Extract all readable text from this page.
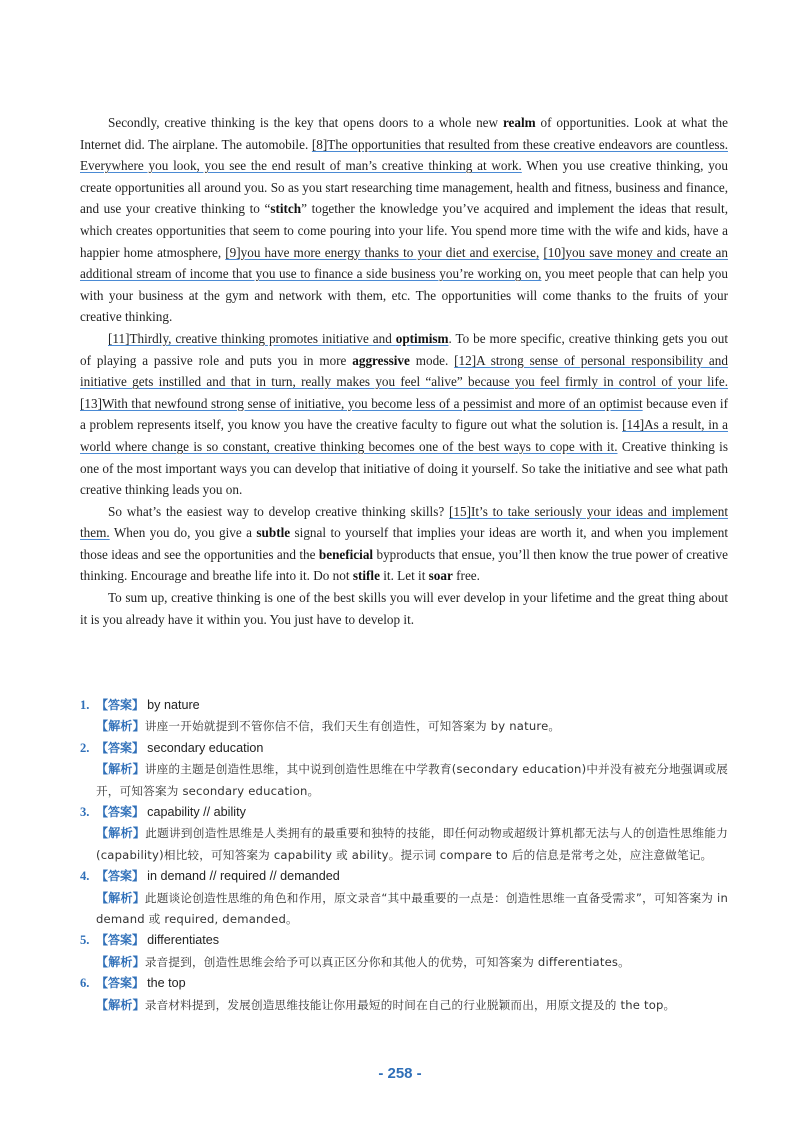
Secondly, creative thinking is the key that opens doors to a whole new realm of opportunities. Look at what the Internet did. The airplane. The automobile. [8]The opportunities that resulted from these creative endeavors are countless. Everywhere you look, you see the end result of man’s creative thinking at work. When you use creative thinking, you create opportunities all around you. So as you start researching time management, health and fitness, business and finance, and use your creative thinking to “stitch” together the knowledge you’ve acquired and implement the ideas that result, which creates opportunities that seem to come pouring into your life. You spend more time with the wife and kids, have a happier home atmosphere, [9]you have more energy thanks to your diet and exercise, [10]you save money and create an additional stream of income that you use to finance a side business you’re working on, you meet people that can help you with your business at the gym and network with them, etc. The opportunities will come thanks to the fruits of your creative thinking.

[11]Thirdly, creative thinking promotes initiative and optimism. To be more specific, creative thinking gets you out of playing a passive role and puts you in more aggressive mode. [12]A strong sense of personal responsibility and initiative gets instilled and that in turn, really makes you feel “alive” because you feel firmly in control of your life. [13]With that newfound strong sense of initiative, you become less of a pessimist and more of an optimist because even if a problem represents itself, you know you have the creative faculty to figure out what the solution is. [14]As a result, in a world where change is so constant, creative thinking becomes one of the best ways to cope with it. Creative thinking is one of the most important ways you can develop that initiative of doing it yourself. So take the initiative and see what path creative thinking leads you on.

So what’s the easiest way to develop creative thinking skills? [15]It’s to take seriously your ideas and implement them. When you do, you give a subtle signal to yourself that implies your ideas are worth it, and when you implement those ideas and see the opportunities and the beneficial byproducts that ensue, you’ll then know the true power of creative thinking. Encourage and breathe life into it. Do not stifle it. Let it soar free.

To sum up, creative thinking is one of the best skills you will ever develop in your lifetime and the great thing about it is you already have it within you. You just have to develop it.

1. 【答案】 by nature
【解析】讲座一开始就提到不管你信不信，我们天生有创造性，可知答案为 by nature。
2. 【答案】 secondary education
【解析】讲座的主题是创造性思维，其中说到创造性思维在中学教育(secondary education)中并没有被充分地强调或展开，可知答案为 secondary education。
3. 【答案】 capability // ability
【解析】此题讲到创造性思维是人类拥有的最重要和独特的技能，即任何动物或超级计算机都无法与人的创造性思维能力(capability)相比较，可知答案为 capability 或 ability。提示词 compare to 后的信息是常考之处，应注意做笔记。
4. 【答案】 in demand // required // demanded
【解析】此题谈论创造性思维的角色和作用，原文录音“其中最重要的一点是：创造性思维一直备受需求”，可知答案为 in demand 或 required, demanded。
5. 【答案】 differentiates
【解析】录音提到，创造性思维会给予可以真正区分你和其他人的优势，可知答案为 differentiates。
6. 【答案】 the top
【解析】录音材料提到，发展创造思维技能让你用最短的时间在自己的行业脱颖而出，用原文提及的 the top。
- 258 -
